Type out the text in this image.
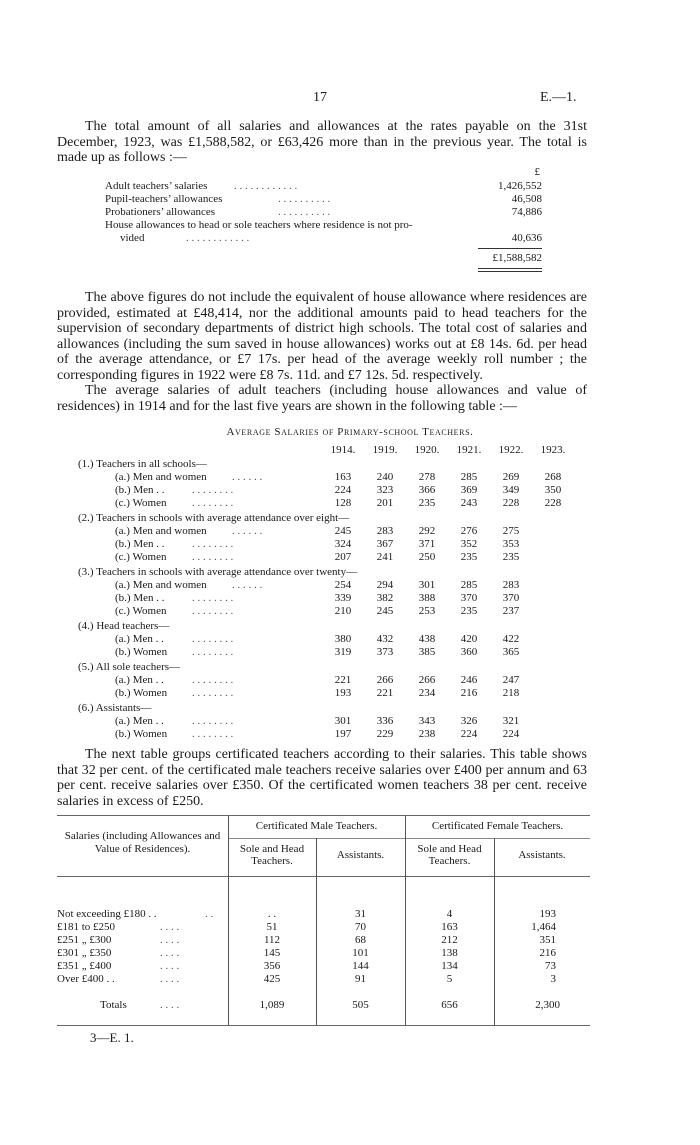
17	E.—1.

The total amount of all salaries and allowances at the rates payable on the 31st December, 1923, was £1,588,582, or £63,426 more than in the previous year. The total is made up as follows :—

£
Adult teachers’ salaries . . . . . . . . . . . .	1,426,552
Pupil-teachers’ allowances	. . . . . . . . . .	46,508
Probationers’ allowances	. . . . . . . . . .	74,886
House allowances to head or sole teachers where residence is not pro-
vided	. . . . . . . . . . . .	40,636
£1,588,582

The above figures do not include the equivalent of house allowance where residences are provided, estimated at £48,414, nor the additional amounts paid to head teachers for the supervision of secondary departments of district high schools. The total cost of salaries and allowances (including the sum saved in house allowances) works out at £8 14s. 6d. per head of the average attendance, or £7 17s. per head of the average weekly roll number ; the corresponding figures in 1922 were £8 7s. 11d. and £7 12s. 5d. respectively.

The average salaries of adult teachers (including house allowances and value of residences) in 1914 and for the last five years are shown in the following table :—

Average Salaries of Primary-school Teachers.
1914.	1919.	1920.	1921.	1922.	1923.
(1.) Teachers in all schools—
(a.) Men and women . . . . . .	163	240	278	285	269	268
(b.) Men . .	. . . . . . . .	224	323	366	369	349	350
(c.) Women . . . . . . . .	128	201	235	243	228	228
(2.) Teachers in schools with average attendance over eight—
(a.) Men and women . . . . . .	245	283	292	276	275
(b.) Men . .	. . . . . . . .	324	367	371	352	353
(c.) Women . . . . . . . .	207	241	250	235	235
(3.) Teachers in schools with average attendance over twenty—
(a.) Men and women . . . . . .	254	294	301	285	283
(b.) Men . .	. . . . . . . .	339	382	388	370	370
(c.) Women . . . . . . . .	210	245	253	235	237
(4.) Head teachers—
(a.) Men . .	. . . . . . . .	380	432	438	420	422
(b.) Women . . . . . . . .	319	373	385	360	365
(5.) All sole teachers—
(a.) Men . .	. . . . . . . .	221	266	266	246	247
(b.) Women . . . . . . . .	193	221	234	216	218
(6.) Assistants—
(a.) Men . .	. . . . . . . .	301	336	343	326	321
(b.) Women . . . . . . . .	197	229	238	224	224

The next table groups certificated teachers according to their salaries. This table shows that 32 per cent. of the certificated male teachers receive salaries over £400 per annum and 63 per cent. receive salaries over £350. Of the certificated women teachers 38 per cent. receive salaries in excess of £250.

Salaries (including Allowances and Value of Residences).
Certificated Male Teachers.	Certificated Female Teachers.
Sole and Head Teachers.	Assistants.	Sole and Head Teachers.	Assistants.
Not exceeding £180 . .	. .	. .	31	4	193
£181 to £250	. . . .	51	70	163	1,464
£251 „ £300	. . . .	112	68	212	351
£301 „ £350	. . . .	145	101	138	216
£351 „ £400	. . . .	356	144	134	73
Over £400 . .	. . . .	425	91	5	3
Totals	. . . .	1,089	505	656	2,300
3—E. 1.
